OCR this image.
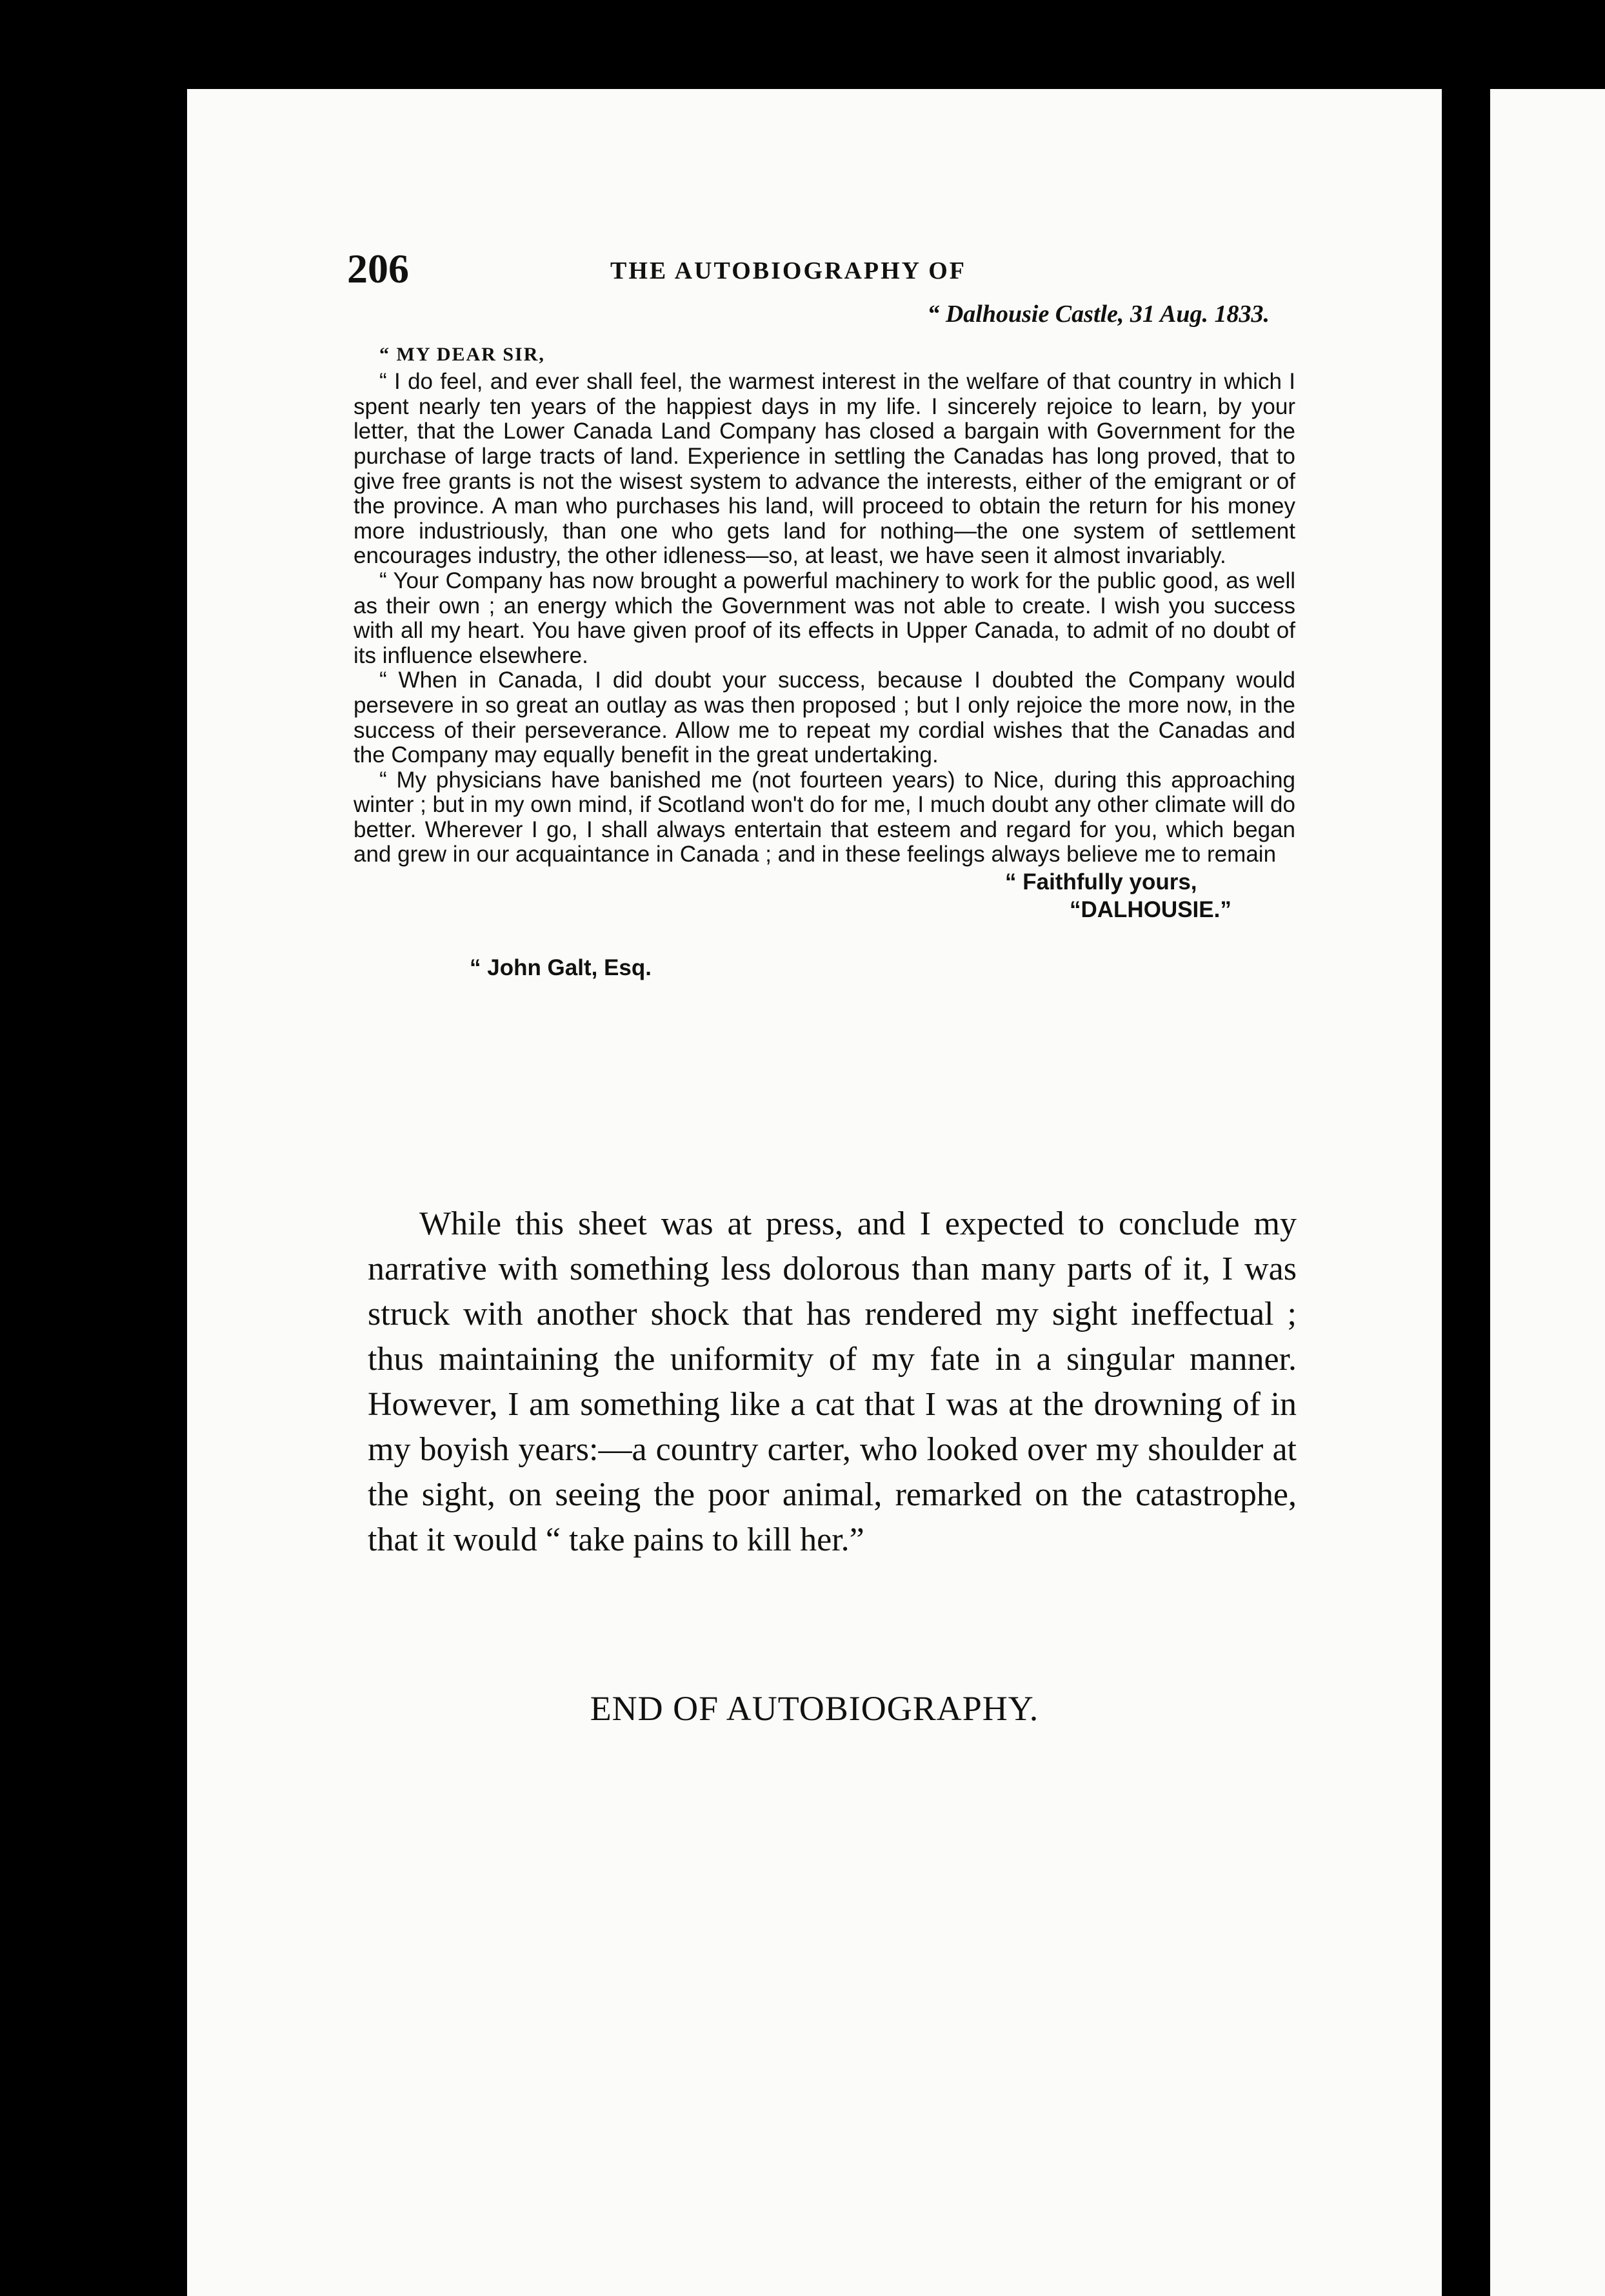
206	THE AUTOBIOGRAPHY OF
“ Dalhousie Castle, 31 Aug. 1833.
“ MY DEAR SIR,

“ I do feel, and ever shall feel, the warmest interest in the welfare of that country in which I spent nearly ten years of the happiest days in my life. I sincerely rejoice to learn, by your letter, that the Lower Canada Land Company has closed a bargain with Government for the purchase of large tracts of land. Experience in settling the Canadas has long proved, that to give free grants is not the wisest system to advance the interests, either of the emigrant or of the province. A man who purchases his land, will proceed to obtain the return for his money more industriously, than one who gets land for nothing—the one system of settlement encourages industry, the other idleness—so, at least, we have seen it almost invariably.

“ Your Company has now brought a powerful machinery to work for the public good, as well as their own ; an energy which the Government was not able to create. I wish you success with all my heart. You have given proof of its effects in Upper Canada, to admit of no doubt of its influence elsewhere.

“ When in Canada, I did doubt your success, because I doubted the Company would persevere in so great an outlay as was then proposed ; but I only rejoice the more now, in the success of their perseverance. Allow me to repeat my cordial wishes that the Canadas and the Company may equally benefit in the great undertaking.

“ My physicians have banished me (not fourteen years) to Nice, during this approaching winter ; but in my own mind, if Scotland won't do for me, I much doubt any other climate will do better. Wherever I go, I shall always entertain that esteem and regard for you, which began and grew in our acquaintance in Canada ; and in these feelings always believe me to remain

“ Faithfully yours,
“DALHOUSIE.”
“ John Galt, Esq.

While this sheet was at press, and I expected to conclude my narrative with something less dolorous than many parts of it, I was struck with another shock that has rendered my sight ineffectual ; thus maintaining the uniformity of my fate in a singular manner. However, I am something like a cat that I was at the drowning of in my boyish years:—a country carter, who looked over my shoulder at the sight, on seeing the poor animal, remarked on the catastrophe, that it would “ take pains to kill her.”

END OF AUTOBIOGRAPHY.
